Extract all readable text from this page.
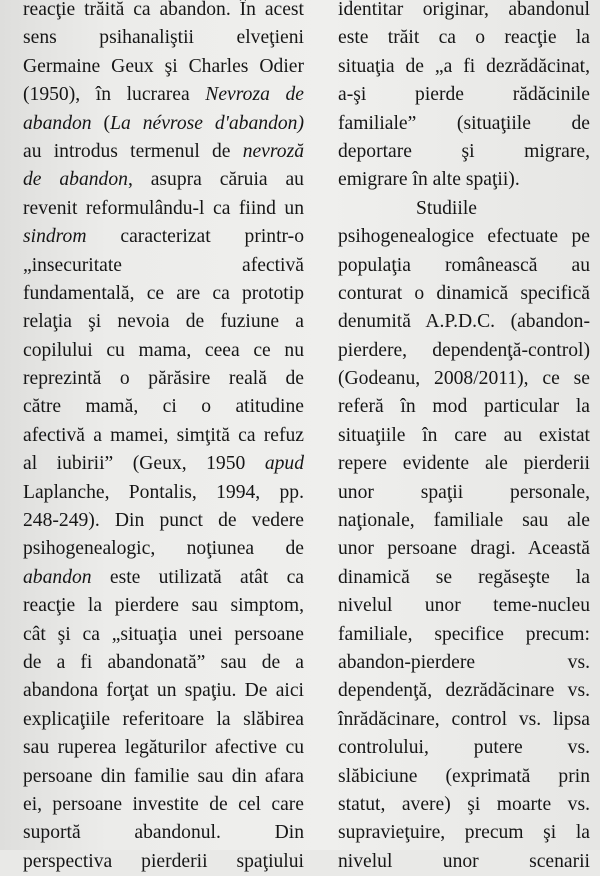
reacţie trăită ca abandon. În acest
sens psihanaliştii elveţieni
Germaine Geux şi Charles Odier
(1950), în lucrarea Nevroza de
abandon (La névrose d'abandon)
au introdus termenul de nevroză
de abandon, asupra căruia au
revenit reformulându-l ca fiind un
sindrom caracterizat printr-o
„insecuritate afectivă
fundamentală, ce are ca prototip
relaţia şi nevoia de fuziune a
copilului cu mama, ceea ce nu
reprezintă o părăsire reală de
către mamă, ci o atitudine
afectivă a mamei, simţită ca refuz
al iubirii” (Geux, 1950 apud
Laplanche, Pontalis, 1994, pp.
248-249). Din punct de vedere
psihogenealogic, noţiunea de
abandon este utilizată atât ca
reacţie la pierdere sau simptom,
cât şi ca „situaţia unei persoane
de a fi abandonată” sau de a
abandona forţat un spaţiu. De aici
explicaţiile referitoare la slăbirea
sau ruperea legăturilor afective cu
persoane din familie sau din afara
ei, persoane investite de cel care
suportă abandonul. Din
perspectiva pierderii spaţiului
identitar originar, abandonul
este trăit ca o reacţie la
situaţia de „a fi dezrădăcinat,
a-şi pierde rădăcinile
familiale” (situaţiile de
deportare şi migrare,
emigrare în alte spaţii).
Studiile
psihogenealogice efectuate pe
populaţia românească au
conturat o dinamică specifică
denumită A.P.D.C. (abandon-
pierdere, dependenţă-control)
(Godeanu, 2008/2011), ce se
referă în mod particular la
situaţiile în care au existat
repere evidente ale pierderii
unor spaţii personale,
naţionale, familiale sau ale
unor persoane dragi. Această
dinamică se regăseşte la
nivelul unor teme-nucleu
familiale, specifice precum:
abandon-pierdere vs.
dependenţă, dezrădăcinare vs.
înrădăcinare, control vs. lipsa
controlului, putere vs.
slăbiciune (exprimată prin
statut, avere) şi moarte vs.
supravieţuire, precum şi la
nivelul unor scenarii
